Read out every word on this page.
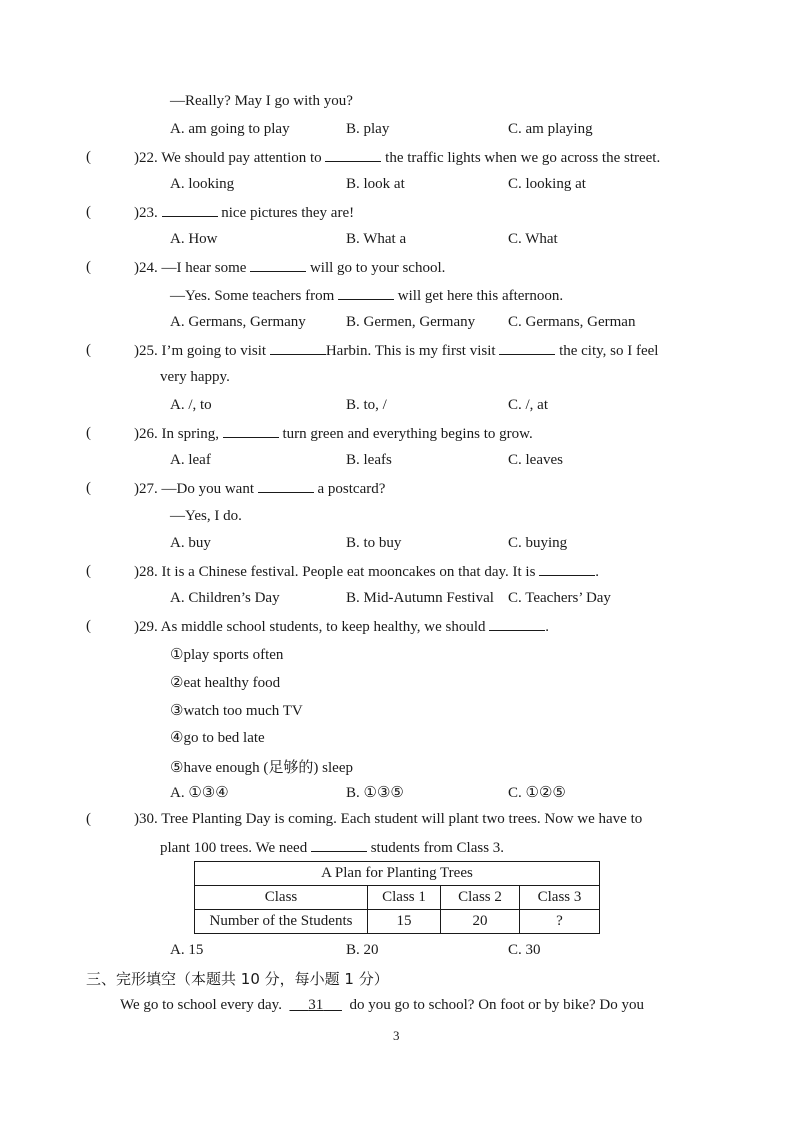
—Really? May I go with you?
A. am going to play	B. play	C. am playing
(	)22. We should pay attention to	the traffic lights when we go across the street.
A. looking	B. look at	C. looking at
(	)23.	nice pictures they are!
A. How	B. What a	C. What
(	)24. —I hear some	will go to your school.
—Yes. Some teachers from	will get here this afternoon.
A. Germans, Germany	B. Germen, Germany C. Germans, German
(	)25. I’m going to visit	Harbin. This is my first visit	the city, so I feel
very happy.
A. /, to	B. to, /	C. /, at
(	)26. In spring,	turn green and everything begins to grow.
A. leaf	B. leafs	C. leaves
(	)27. —Do you want	a postcard?
—Yes, I do.
A. buy	B. to buy	C. buying
(	)28. It is a Chinese festival. People eat mooncakes on that day. It is	.
A. Children’s Day	B. Mid-Autumn Festival C. Teachers’ Day
(	)29. As middle school students, to keep healthy, we should	.
①play sports often
②eat healthy food
③watch too much TV
④go to bed late
⑤have enough (足够的) sleep
A. ①③④	B. ①③⑤	C. ①②⑤
(	)30. Tree Planting Day is coming. Each student will plant two trees. Now we have to
plant 100 trees. We need	students from Class 3.
A Plan for Planting Trees			
Class	Class 1	Class 2	Class 3
Number of the Students	15	20	?
A. 15	B. 20	C. 30
三、完形填空（本题共 10 分，每小题 1 分）
We go to school every day. 31 do you go to school? On foot or by bike? Do you
3
